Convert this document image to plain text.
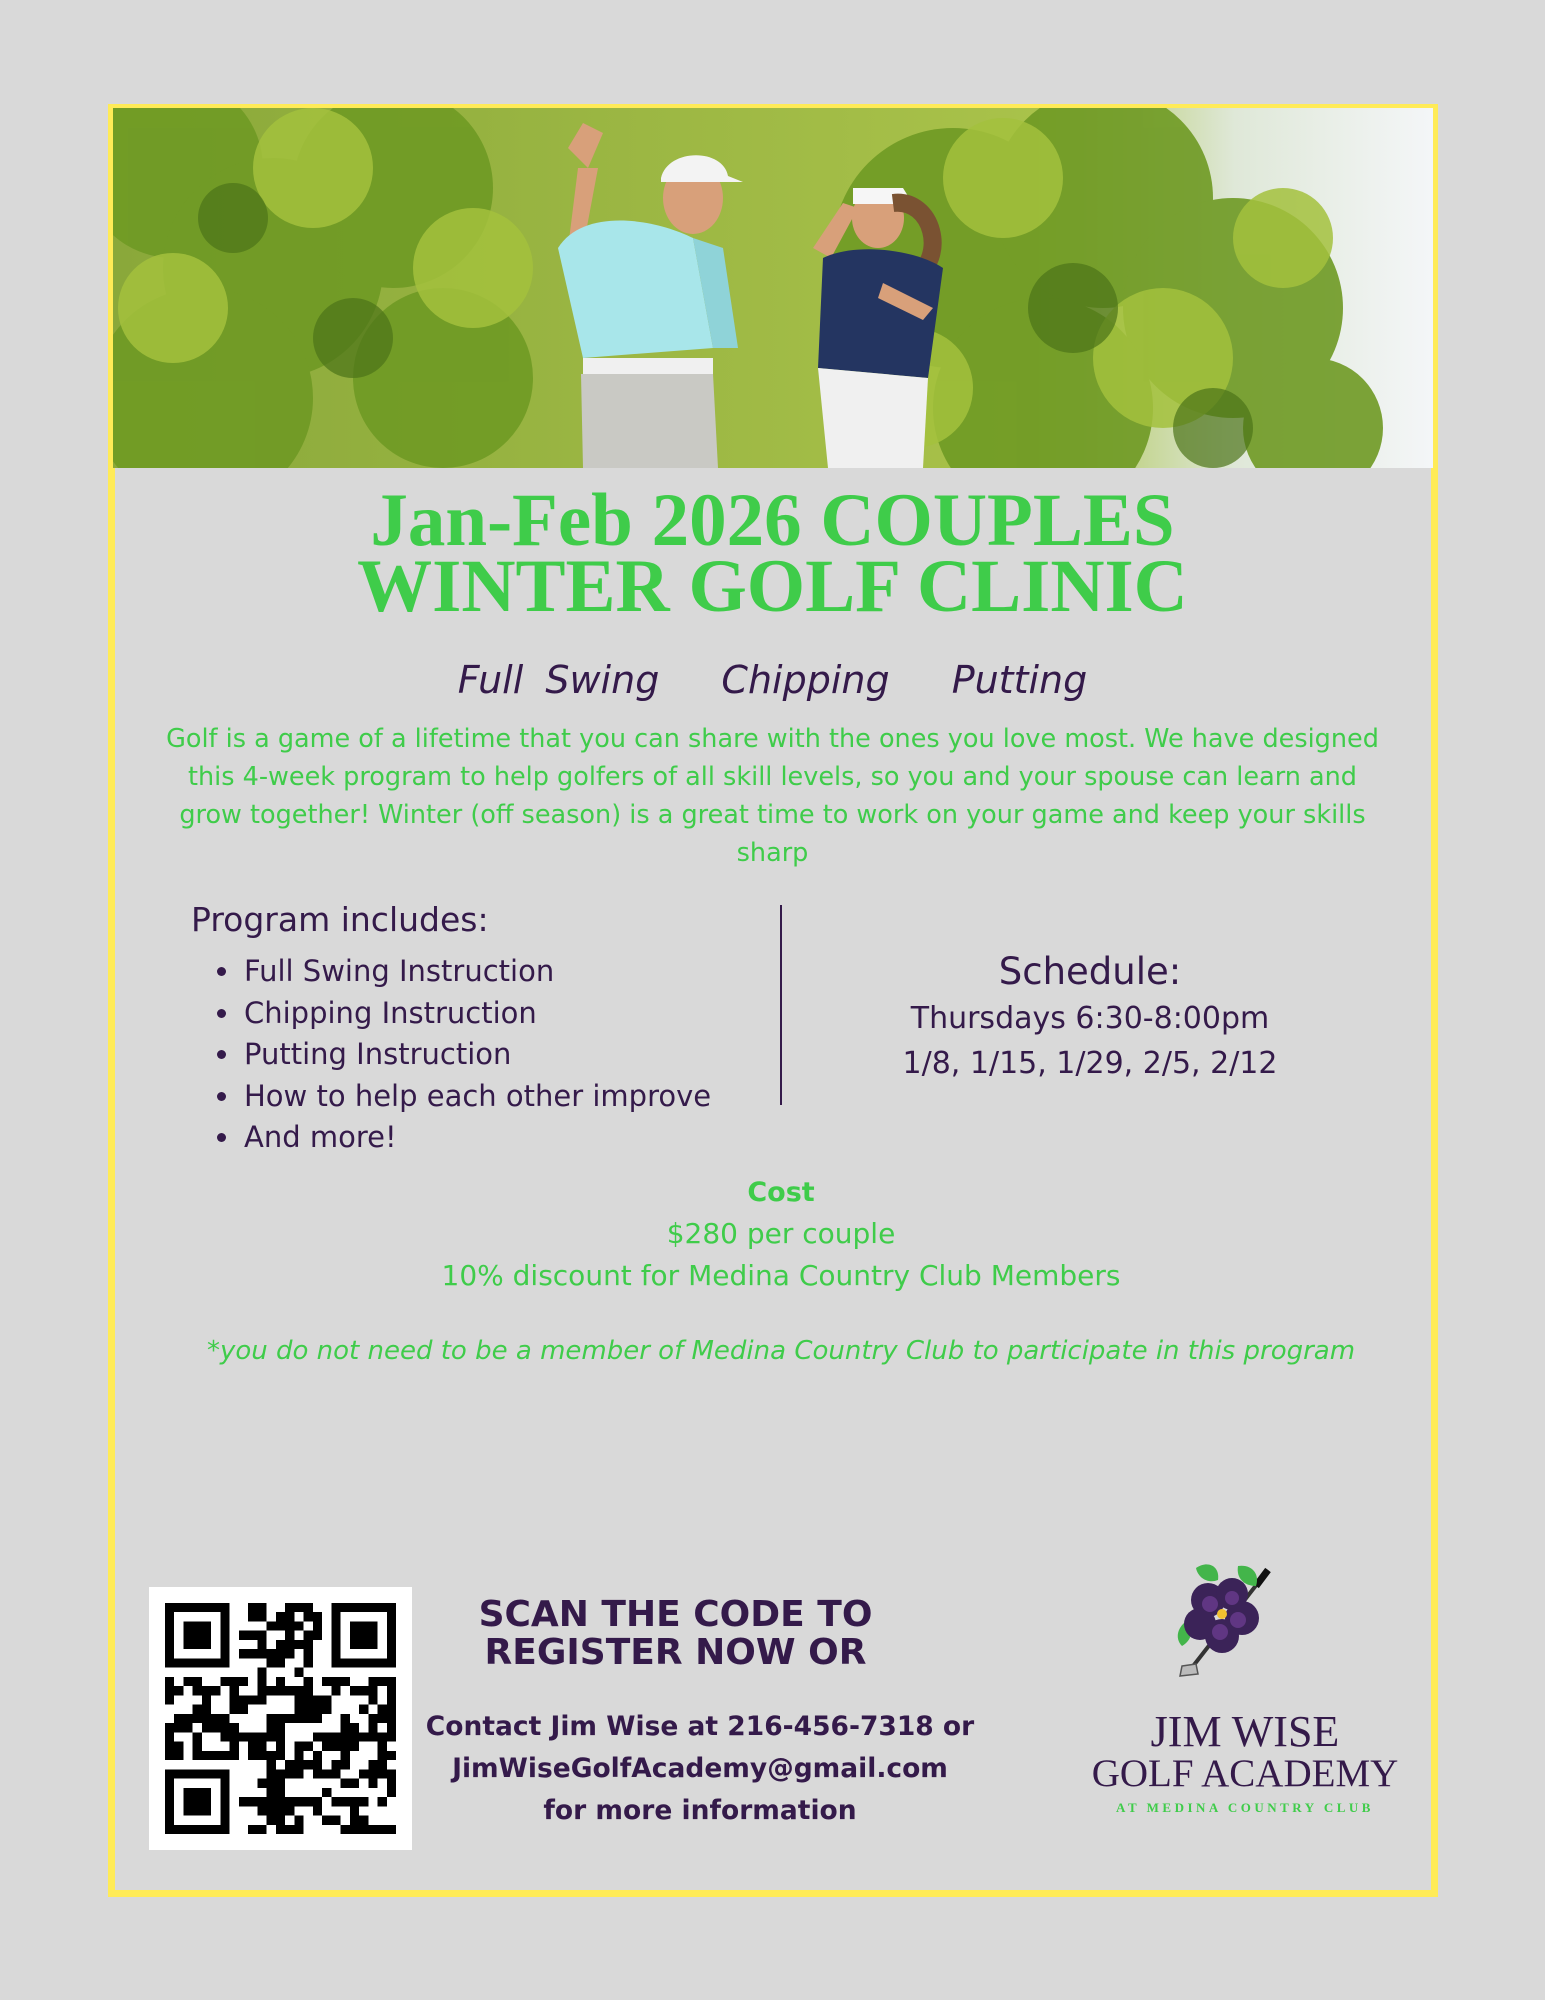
Jan-Feb 2026 COUPLES
WINTER GOLF CLINIC
Full Swing Chipping Putting
Golf is a game of a lifetime that you can share with the ones you love most. We have designed this 4-week program to help golfers of all skill levels, so you and your spouse can learn and grow together! Winter (off season) is a great time to work on your game and keep your skills sharp
Program includes:
• Full Swing Instruction
• Chipping Instruction
• Putting Instruction
• How to help each other improve
• And more!
Schedule:
Thursdays 6:30-8:00pm
1/8, 1/15, 1/29, 2/5, 2/12
Cost
$280 per couple
10% discount for Medina Country Club Members
*you do not need to be a member of Medina Country Club to participate in this program
SCAN THE CODE TO
REGISTER NOW OR
Contact Jim Wise at 216-456-7318 or
JimWiseGolfAcademy@gmail.com
for more information
JIM WISE
GOLF ACADEMY
AT MEDINA COUNTRY CLUB
